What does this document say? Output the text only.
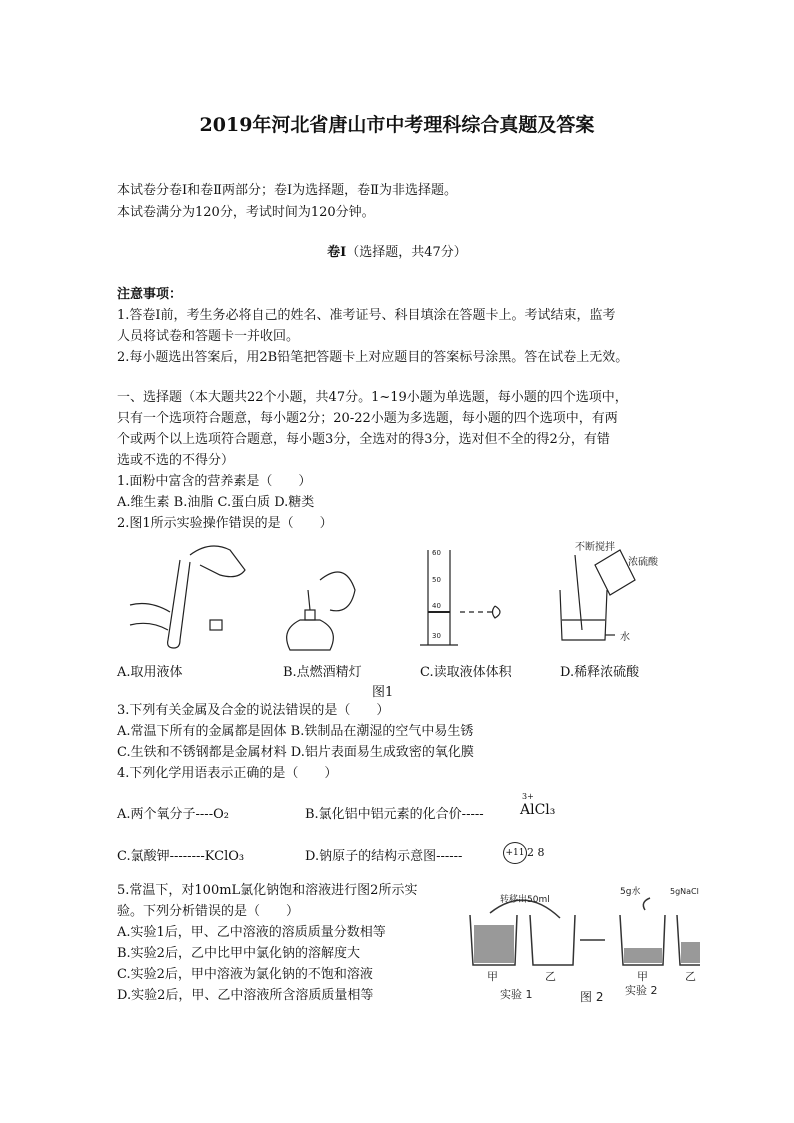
2019年河北省唐山市中考理科综合真题及答案
本试卷分卷Ⅰ和卷Ⅱ两部分；卷Ⅰ为选择题，卷Ⅱ为非选择题。
本试卷满分为120分，考试时间为120分钟。
卷Ⅰ（选择题，共47分）
注意事项：
1.答卷Ⅰ前，考生务必将自己的姓名、准考证号、科目填涂在答题卡上。考试结束，监考
人员将试卷和答题卡一并收回。
2.每小题选出答案后，用2B铅笔把答题卡上对应题目的答案标号涂黑。答在试卷上无效。
一、选择题（本大题共22个小题，共47分。1~19小题为单选题，每小题的四个选项中，
只有一个选项符合题意，每小题2分；20-22小题为多选题，每小题的四个选项中，有两
个或两个以上选项符合题意，每小题3分，全选对的得3分，选对但不全的得2分，有错
选或不选的不得分）
1.面粉中富含的营养素是（　　）
A.维生素 B.油脂 C.蛋白质 D.糖类
2.图1所示实验操作错误的是（　　）
60
50
40
30
不断搅拌
浓硫酸
水
A.取用液体	B.点燃酒精灯	C.读取液体体积	D.稀释浓硫酸
图1
3.下列有关金属及合金的说法错误的是（　　）
A.常温下所有的金属都是固体 B.铁制品在潮湿的空气中易生锈
C.生铁和不锈钢都是金属材料 D.铝片表面易生成致密的氧化膜
4.下列化学用语表示正确的是（　　）
A.两个氧分子----O₂	B.氯化铝中铝元素的化合价-----
3+
AlCl₃
C.氯酸钾--------KClO₃	D.钠原子的结构示意图------	+11 2 8
5.常温下，对100mL氯化钠饱和溶液进行图2所示实
验。下列分析错误的是（　　）
A.实验1后，甲、乙中溶液的溶质质量分数相等
B.实验2后，乙中比甲中氯化钠的溶解度大
C.实验2后，甲中溶液为氯化钠的不饱和溶液
D.实验2后，甲、乙中溶液所含溶质质量相等
转移出50ml
5g水	5gNaCl
甲	乙	甲	乙
实验 1	实验 2
图 2
